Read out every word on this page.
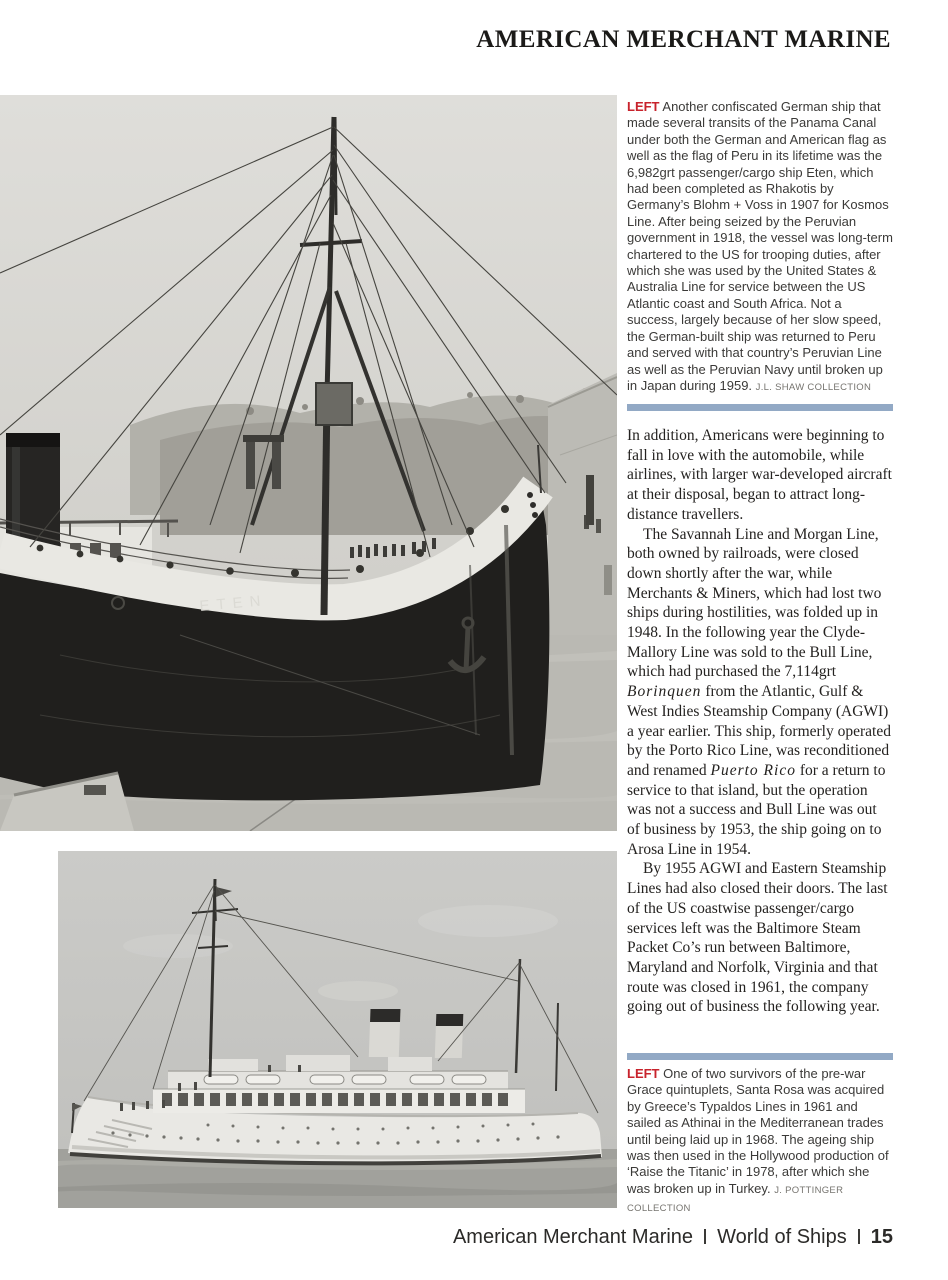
AMERICAN MERCHANT MARINE
ETEN

LEFT Another confiscated German ship that made several transits of the Panama Canal under both the German and American flag as well as the flag of Peru in its lifetime was the 6,982grt passenger/cargo ship Eten, which had been completed as Rhakotis by Germany’s Blohm + Voss in 1907 for Kosmos Line. After being seized by the Peruvian government in 1918, the vessel was long-term chartered to the US for trooping duties, after which she was used by the United States & Australia Line for service between the US Atlantic coast and South Africa. Not a success, largely because of her slow speed, the German-built ship was returned to Peru and served with that country’s Peruvian Line as well as the Peruvian Navy until broken up in Japan during 1959. J.L. SHAW COLLECTION

In addition, Americans were beginning to fall in love with the automobile, while airlines, with larger war-developed aircraft at their disposal, began to attract long-distance travellers.

The Savannah Line and Morgan Line, both owned by railroads, were closed down shortly after the war, while Merchants & Miners, which had lost two ships during hostilities, was folded up in 1948. In the following year the Clyde-Mallory Line was sold to the Bull Line, which had purchased the 7,114grt Borinquen from the Atlantic, Gulf & West Indies Steamship Company (AGWI) a year earlier. This ship, formerly operated by the Porto Rico Line, was reconditioned and renamed Puerto Rico for a return to service to that island, but the operation was not a success and Bull Line was out of business by 1953, the ship going on to Arosa Line in 1954.

By 1955 AGWI and Eastern Steamship Lines had also closed their doors. The last of the US coastwise passenger/cargo services left was the Baltimore Steam Packet Co’s run between Baltimore, Maryland and Norfolk, Virginia and that route was closed in 1961, the company going out of business the following year.

LEFT One of two survivors of the pre-war Grace quintuplets, Santa Rosa was acquired by Greece’s Typaldos Lines in 1961 and sailed as Athinai in the Mediterranean trades until being laid up in 1968. The ageing ship was then used in the Hollywood production of ‘Raise the Titanic’ in 1978, after which she was broken up in Turkey. J. POTTINGER COLLECTION

American Merchant Marine World of Ships 15
